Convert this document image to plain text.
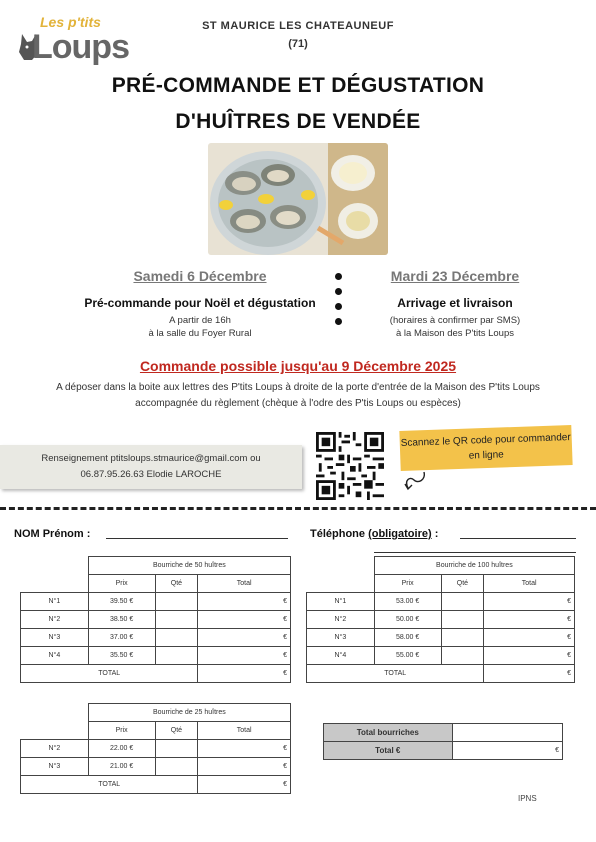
Les p'tits
Loups
ST MAURICE LES CHATEAUNEUF
(71)
PRÉ-COMMANDE ET DÉGUSTATION
D'HUÎTRES DE VENDÉE
Samedi 6 Décembre
Pré-commande pour Noël et dégustation
A partir de 16h
à la salle du Foyer Rural
Mardi 23 Décembre
Arrivage et livraison
(horaires à confirmer par SMS)
à la Maison des P'tits Loups
Commande possible jusqu'au 9 Décembre 2025
A déposer dans la boite aux lettres des P'tits Loups à droite de la porte d'entrée de la Maison des P'tits Loups accompagnée du règlement (chèque à l'odre des P'tis Loups ou espèces)
Renseignement ptitsloups.stmaurice@gmail.com ou
06.87.95.26.63 Elodie LAROCHE
Scannez le QR code pour commander en ligne
NOM Prénom :	Téléphone (obligatoire) :
	Bourriche de 50 huîtres		
	Prix	Qté	Total
N°1	39.50 €		€
N°2	38.50 €		€
N°3	37.00 €		€
N°4	35.50 €		€
TOTAL			€
	Bourriche de 100 huîtres		
	Prix	Qté	Total
N°1	53.00 €		€
N°2	50.00 €		€
N°3	58.00 €		€
N°4	55.00 €		€
TOTAL			€
	Bourriche de 25 huîtres		
	Prix	Qté	Total
N°2	22.00 €		€
N°3	21.00 €		€
TOTAL			€
Total bourriches	
Total €	€
IPNS
